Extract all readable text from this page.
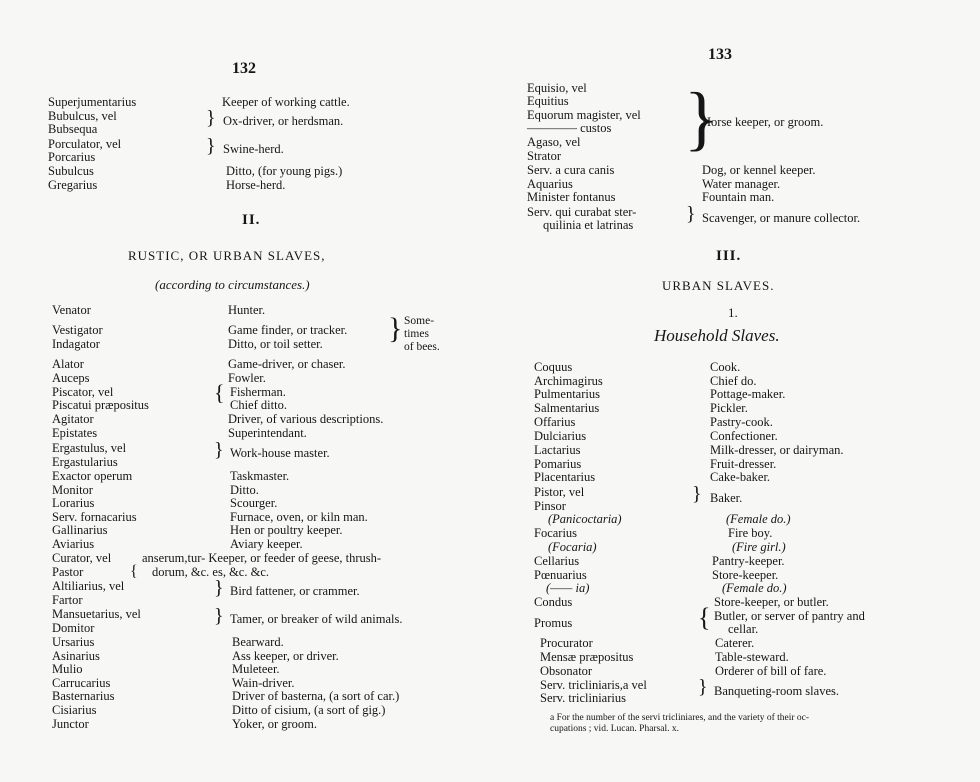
132
Superjumentarius	Keeper of working cattle.
Bubulcus, vel
Bubsequa	} Ox-driver, or herdsman.
Porculator, vel
Porcarius	} Swine-herd.
Subulcus	Ditto, (for young pigs.)
Gregarius	Horse-herd.
II.
RUSTIC, OR URBAN SLAVES,
(according to circumstances.)
Venator	Hunter.
Vestigator	Game finder, or tracker.
Indagator	Ditto, or toil setter. } Some-
times
of bees.
Alator	Game-driver, or chaser.
Auceps	Fowler.
Piscator, vel	Fisherman.
Piscatui præpositus	Chief ditto.
{
Agitator	Driver, of various descriptions.
Epistates	Superintendant.
Ergastulus, vel
Ergastularius
} Work-house master.
Exactor operum	Taskmaster.
Monitor	Ditto.
Lorarius	Scourger.
Serv. fornacarius	Furnace, oven, or kiln man.
Gallinarius	Hen or poultry keeper.
Aviarius	Aviary keeper.
Curator, vel anserum,tur- Keeper, or feeder of geese, thrush-
Pastor	dorum, &c. es, &c. &c.
{
Altiliarius, vel
Fartor
} Bird fattener, or crammer.
Mansuetarius, vel
Domitor
} Tamer, or breaker of wild animals.
Ursarius	Bearward.
Asinarius	Ass keeper, or driver.
Mulio	Muleteer.
Carrucarius	Wain-driver.
Basternarius	Driver of basterna, (a sort of car.)
Cisiarius	Ditto of cisium, (a sort of gig.)
Junctor	Yoker, or groom.
133
Equisio, vel
Equitius
Equorum magister, vel
———— custos
Agaso, vel
Strator }
Horse keeper, or groom.
Serv. a cura canis	Dog, or kennel keeper.
Aquarius	Water manager.
Minister fontanus	Fountain man.
Serv. qui curabat ster-
quilinia et latrinas	} Scavenger, or manure collector.
III.
URBAN SLAVES.
1.
Household Slaves.
Coquus	Cook.
Archimagirus	Chief do.
Pulmentarius	Pottage-maker.
Salmentarius	Pickler.
Offarius	Pastry-cook.
Dulciarius	Confectioner.
Lactarius	Milk-dresser, or dairyman.
Pomarius	Fruit-dresser.
Placentarius	Cake-baker.
Pistor, vel
Pinsor
} Baker.
(Panicoctaria)	(Female do.)
Focarius	Fire boy.
(Focaria)	(Fire girl.)
Cellarius	Pantry-keeper.
Pœnuarius	Store-keeper.
(—— ia)	(Female do.)
Condus	Store-keeper, or butler.
Promus	{ Butler, or server of pantry and
cellar.
Procurator	Caterer.
Mensæ præpositus	Table-steward.
Obsonator	Orderer of bill of fare.
Serv. tricliniaris,a vel
Serv. tricliniarius	} Banqueting-room slaves.
a For the number of the servi tricliniares, and the variety of their oc-
cupations ; vid. Lucan. Pharsal. x.
